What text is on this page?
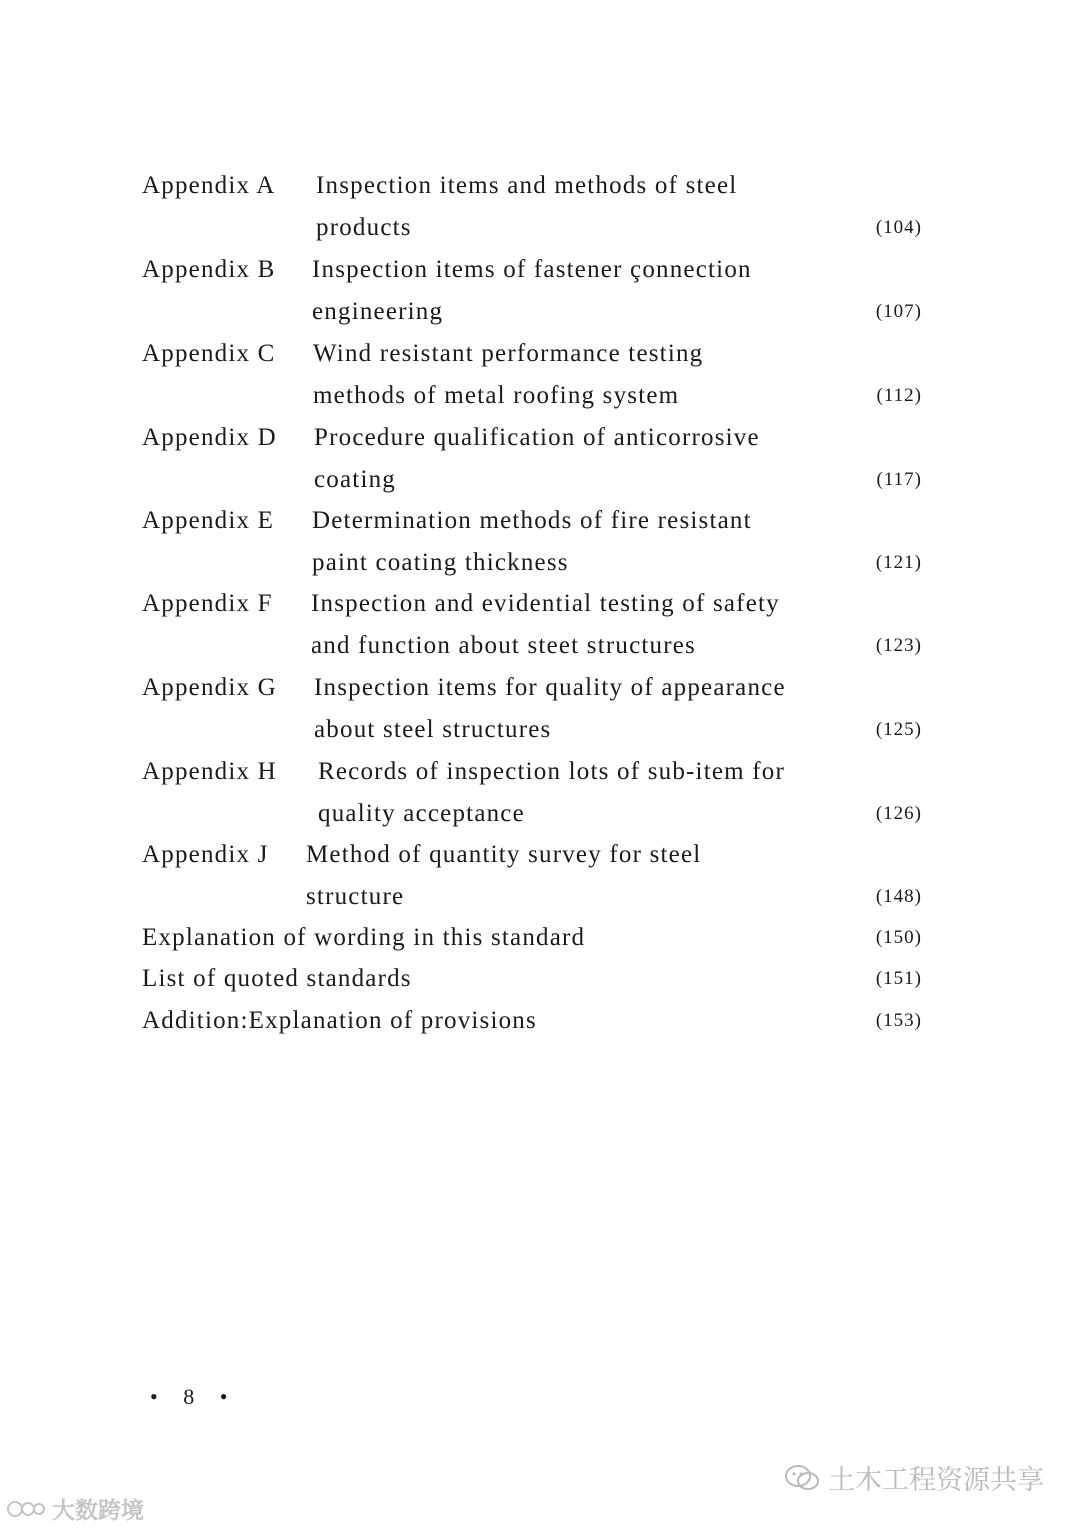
Appendix A Inspection items and methods of steel
products	(104)
Appendix B Inspection items of fastener çonnection
engineering	(107)
Appendix C Wind resistant performance testing
methods of metal roofing system	(112)
Appendix D Procedure qualification of anticorrosive
coating	(117)
Appendix E Determination methods of fire resistant
paint coating thickness	(121)
Appendix F Inspection and evidential testing of safety
and function about steet structures	(123)
Appendix G Inspection items for quality of appearance
about steel structures	(125)
Appendix H Records of inspection lots of sub-item for
quality acceptance	(126)
Appendix J Method of quantity survey for steel
structure	(148)
Explanation of wording in this standard	(150)
List of quoted standards	(151)
Addition:Explanation of provisions	(153)
• 8 •
土木工程资源共享
大数跨境
